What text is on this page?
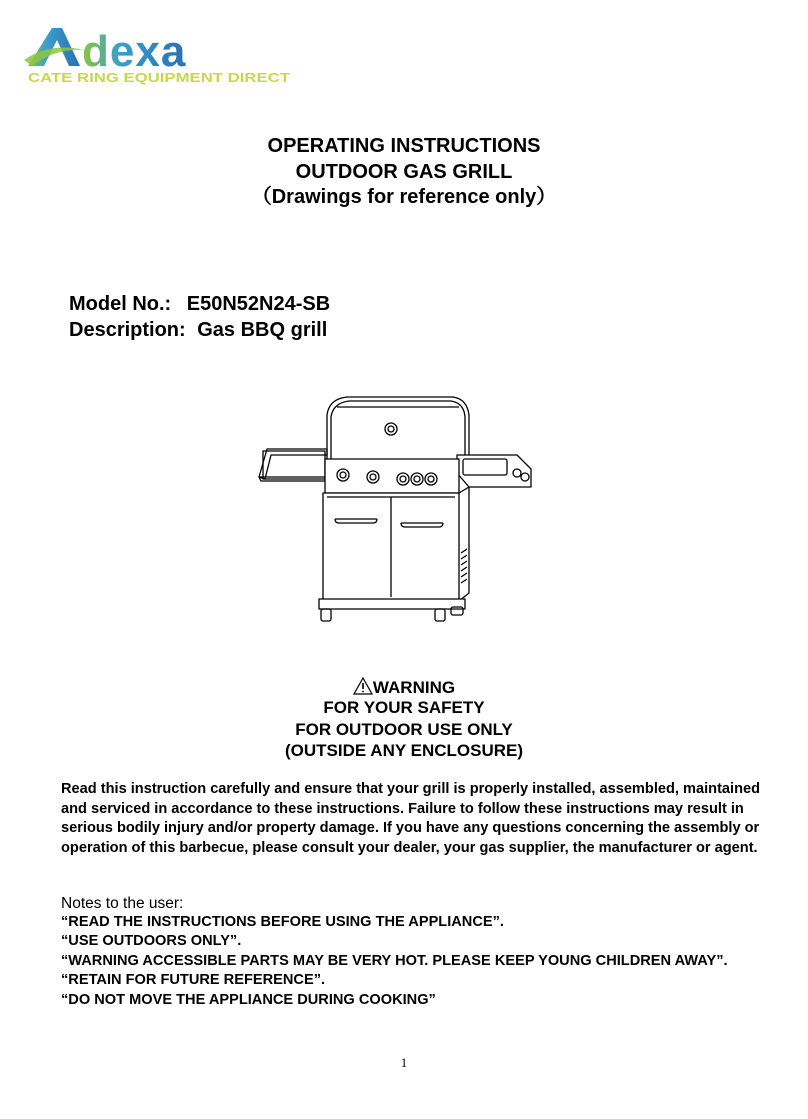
dexa
CATE RING EQUIPMENT DIRECT
OPERATING INSTRUCTIONS
OUTDOOR GAS GRILL
（Drawings for reference only）
Model No.: E50N52N24-SB
Description: Gas BBQ grill
WARNING
FOR YOUR SAFETY
FOR OUTDOOR USE ONLY
(OUTSIDE ANY ENCLOSURE)
Read this instruction carefully and ensure that your grill is properly installed, assembled, maintained and serviced in accordance to these instructions. Failure to follow these instructions may result in serious bodily injury and/or property damage. If you have any questions concerning the assembly or operation of this barbecue, please consult your dealer, your gas supplier, the manufacturer or agent.
Notes to the user:
“READ THE INSTRUCTIONS BEFORE USING THE APPLIANCE”.
“USE OUTDOORS ONLY”.
“WARNING ACCESSIBLE PARTS MAY BE VERY HOT. PLEASE KEEP YOUNG CHILDREN AWAY”.
“RETAIN FOR FUTURE REFERENCE”.
“DO NOT MOVE THE APPLIANCE DURING COOKING”
1
